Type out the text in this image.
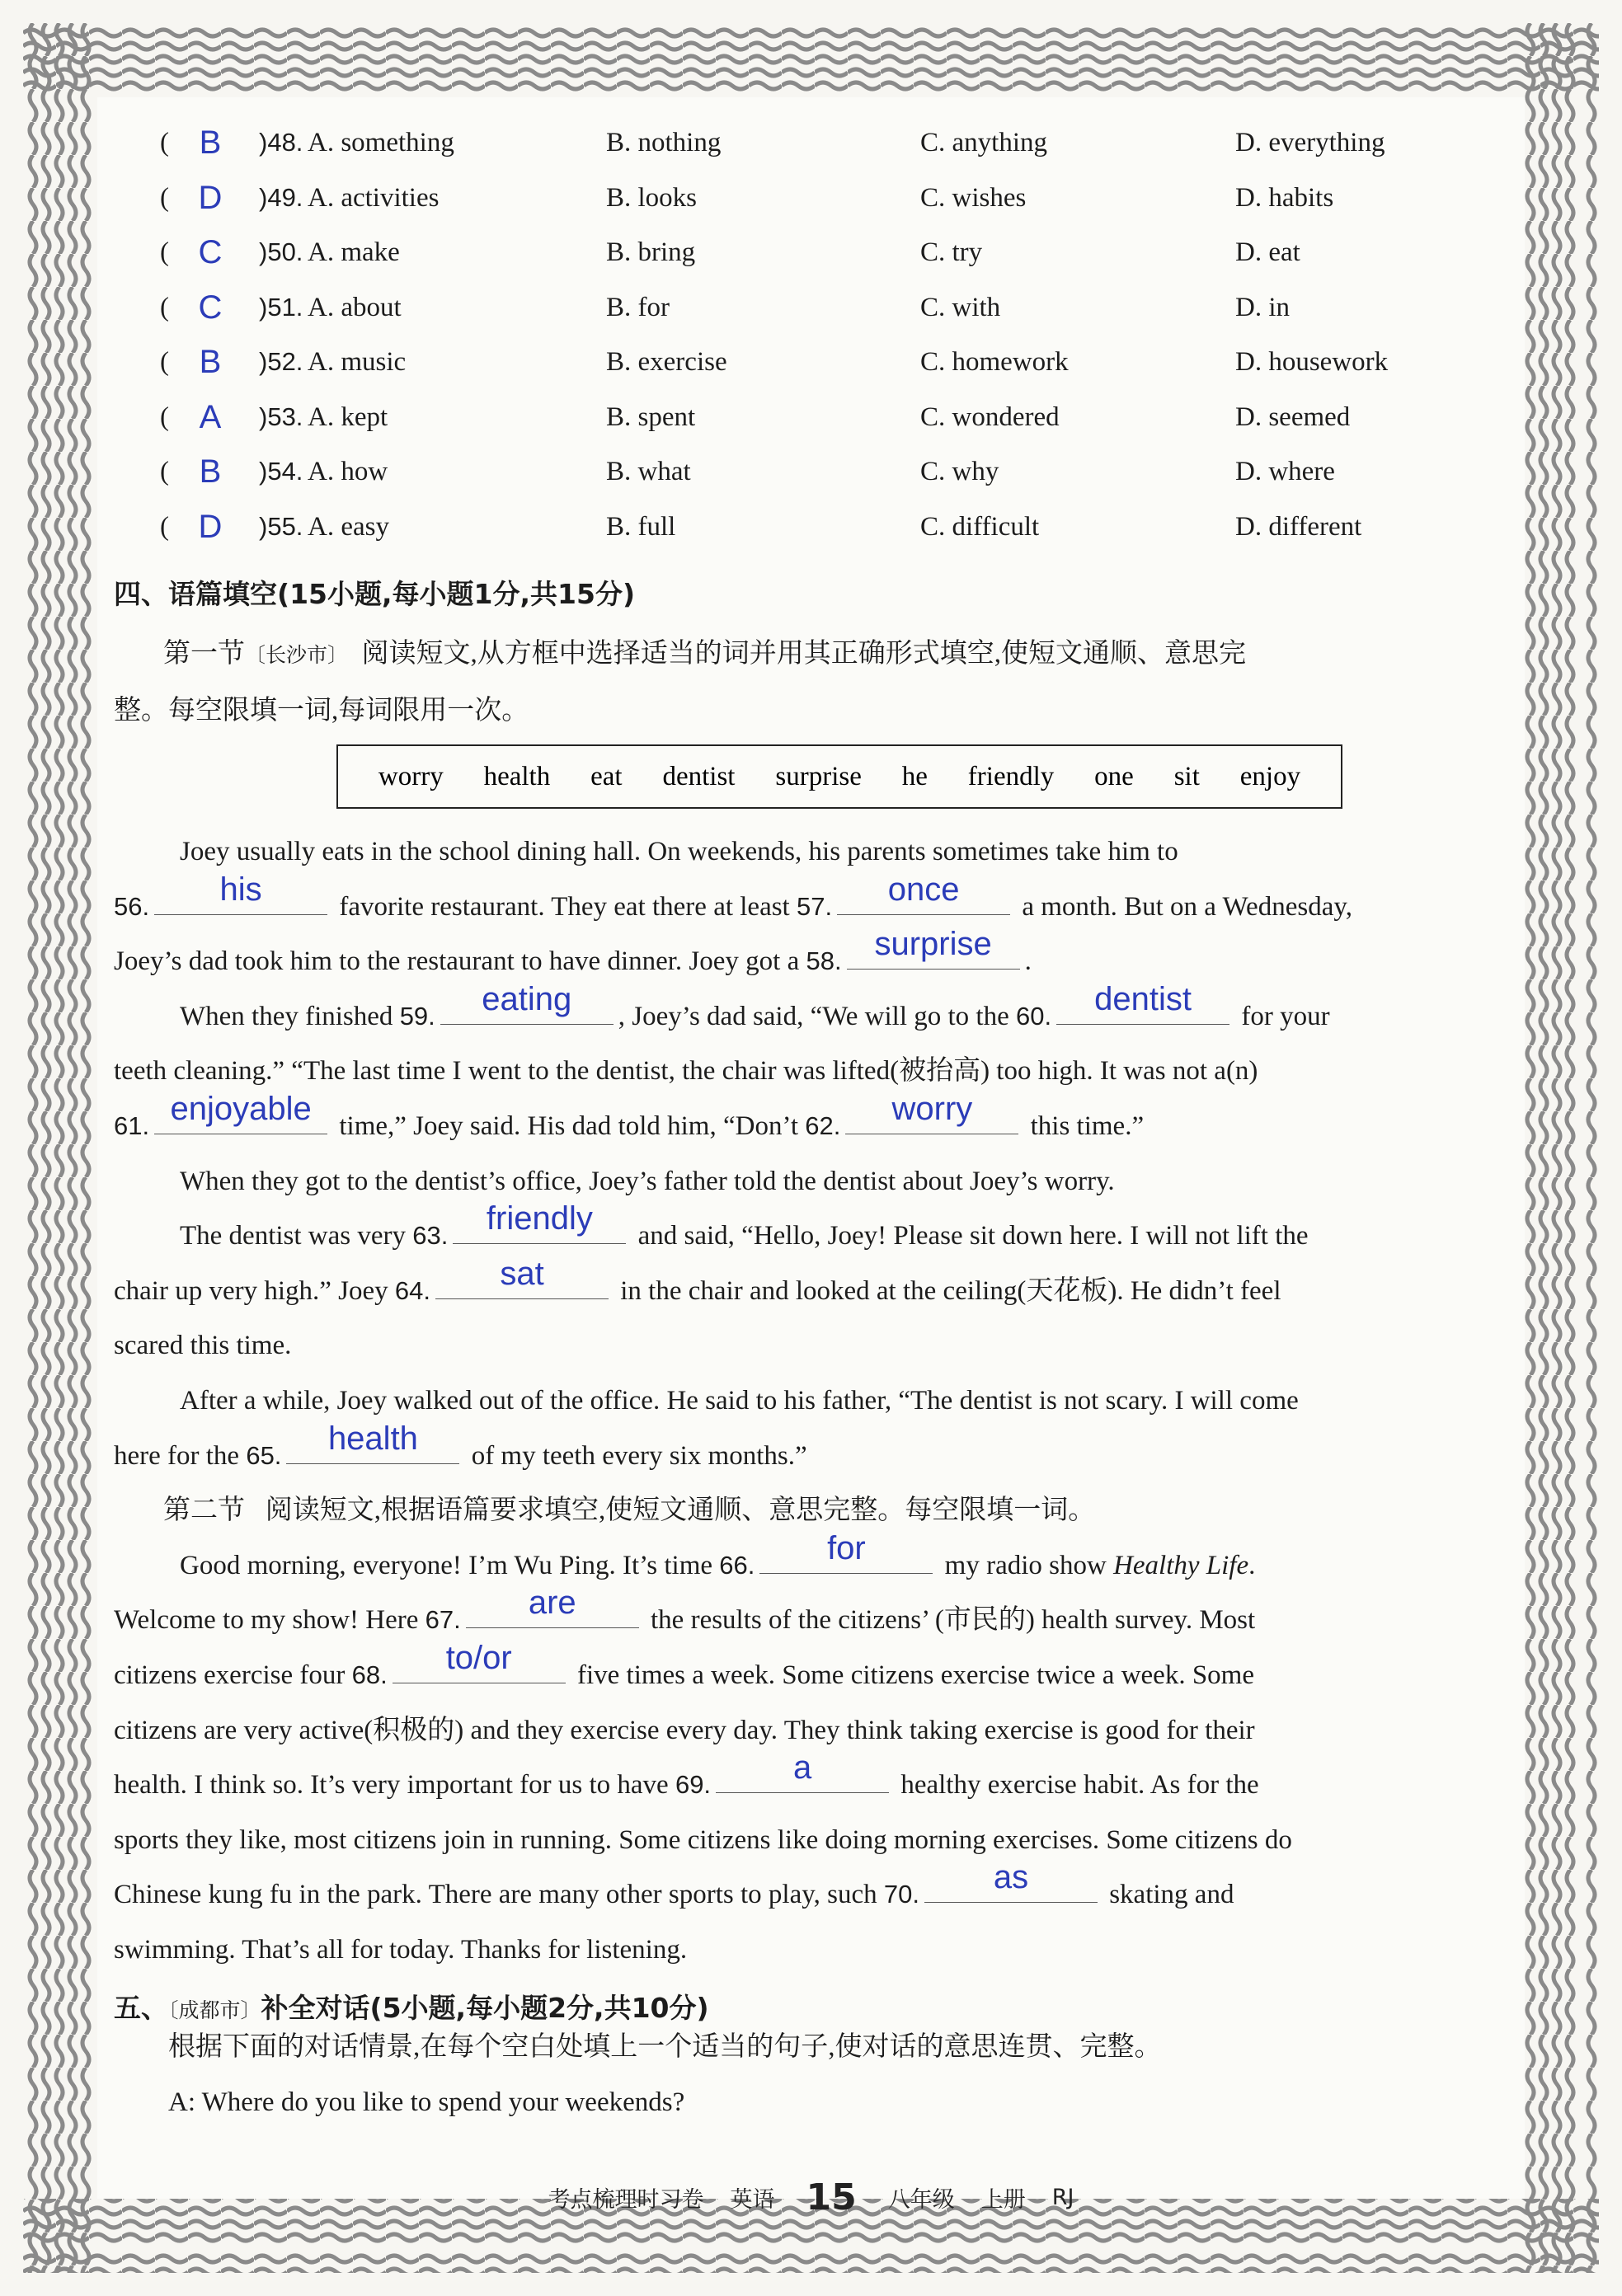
( B )48. A. something	B. nothing	C. anything	D. everything
( D )49. A. activities	B. looks	C. wishes	D. habits
( C )50. A. make	B. bring	C. try	D. eat
( C )51. A. about	B. for	C. with	D. in
( B )52. A. music	B. exercise	C. homework	D. housework
( A )53. A. kept	B. spent	C. wondered	D. seemed
( B )54. A. how	B. what	C. why	D. where
( D )55. A. easy	B. full	C. difficult	D. different
四、语篇填空(15小题,每小题1分,共15分)
第一节〔长沙市〕 阅读短文,从方框中选择适当的词并用其正确形式填空,使短文通顺、意思完
整。每空限填一词,每词限用一次。
worry health eat dentist surprise he friendly one sit enjoy
Joey usually eats in the school dining hall. On weekends, his parents sometimes take him to
56.	his	favorite restaurant. They eat there at least 57.	once	a month. But on a Wednesday,
Joey’s dad took him to the restaurant to have dinner. Joey got a 58. surprise	.
When they finished 59.	eating	, Joey’s dad said, “We will go to the 60.	dentist	for your
teeth cleaning.” “The last time I went to the dentist, the chair was lifted(被抬高) too high. It was not a(n)
61. enjoyable	time,” Joey said. His dad told him, “Don’t 62.	worry	this time.”
When they got to the dentist’s office, Joey’s father told the dentist about Joey’s worry.
The dentist was very 63.	friendly	and said, “Hello, Joey! Please sit down here. I will not lift the
chair up very high.” Joey 64.	sat	in the chair and looked at the ceiling(天花板). He didn’t feel
scared this time.
After a while, Joey walked out of the office. He said to his father, “The dentist is not scary. I will come
here for the 65.	health	of my teeth every six months.”
第二节 阅读短文,根据语篇要求填空,使短文通顺、意思完整。每空限填一词。
Good morning, everyone! I’m Wu Ping. It’s time 66.	for	my radio show Healthy Life.
Welcome to my show! Here 67.	are	the results of the citizens’ (市民的) health survey. Most
citizens exercise four 68.	to/or	five times a week. Some citizens exercise twice a week. Some
citizens are very active(积极的) and they exercise every day. They think taking exercise is good for their
health. I think so. It’s very important for us to have 69.	a	healthy exercise habit. As for the
sports they like, most citizens join in running. Some citizens like doing morning exercises. Some citizens do
Chinese kung fu in the park. There are many other sports to play, such 70.	as	skating and
swimming. That’s all for today. Thanks for listening.
五、〔成都市〕补全对话(5小题,每小题2分,共10分)
根据下面的对话情景,在每个空白处填上一个适当的句子,使对话的意思连贯、完整。
A: Where do you like to spend your weekends?
考点梳理时习卷 英语 15 八年级 上册 RJ
